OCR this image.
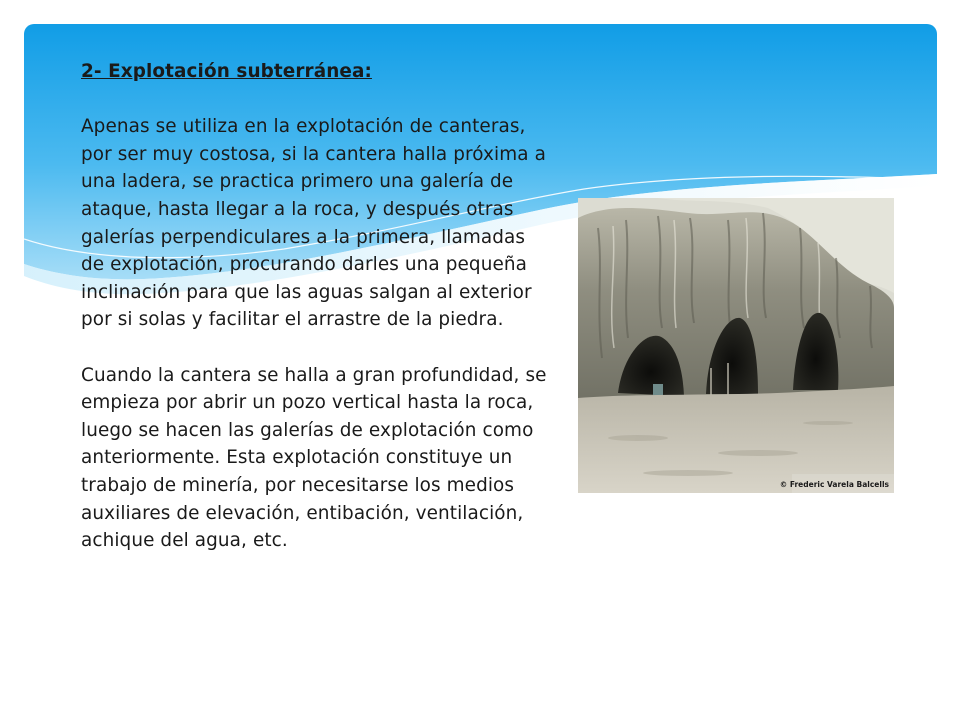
2- Explotación subterránea:

Apenas se utiliza en la explotación de canteras, por ser muy costosa, si la cantera halla próxima a una ladera, se practica primero una galería de ataque, hasta llegar a la roca, y después otras galerías perpendiculares a la primera, llamadas de explotación, procurando darles una pequeña inclinación para que las aguas salgan al exterior por si solas y facilitar el arrastre de la piedra.

Cuando la cantera se halla a gran profundidad, se empieza por abrir un pozo vertical hasta la roca, luego se hacen las galerías de explotación como anteriormente. Esta explotación constituye un trabajo de minería, por necesitarse los medios auxiliares de elevación, entibación, ventilación, achique del agua, etc.

© Frederic Varela Balcells
